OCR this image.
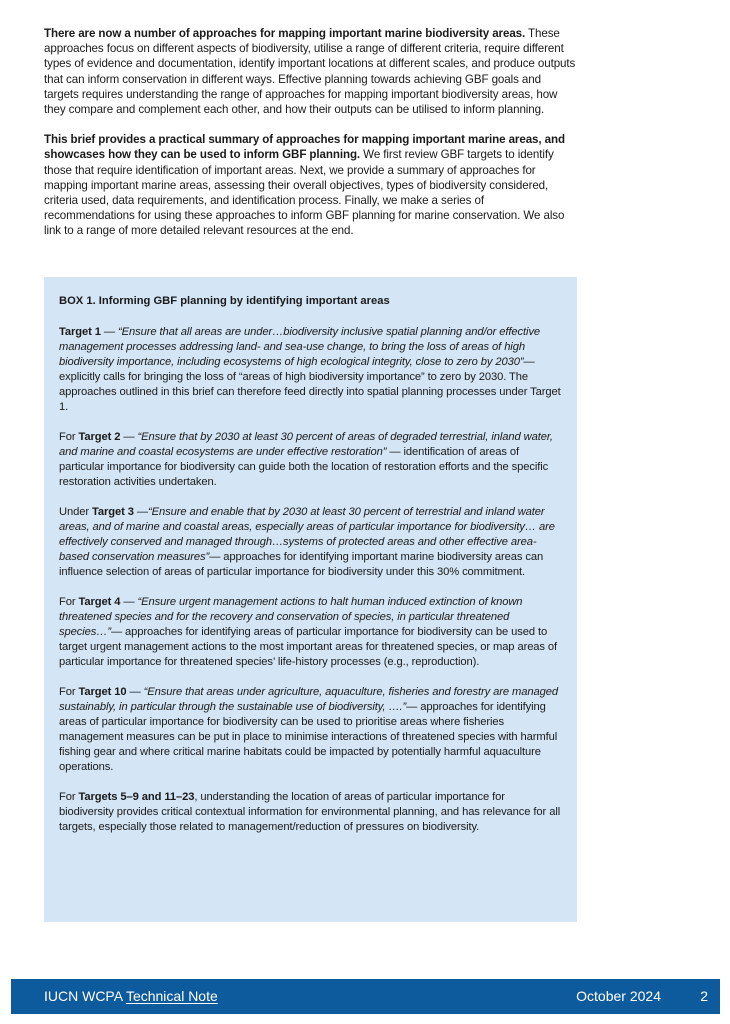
There are now a number of approaches for mapping important marine biodiversity areas. These approaches focus on different aspects of biodiversity, utilise a range of different criteria, require different types of evidence and documentation, identify important locations at different scales, and produce outputs that can inform conservation in different ways. Effective planning towards achieving GBF goals and targets requires understanding the range of approaches for mapping important biodiversity areas, how they compare and complement each other, and how their outputs can be utilised to inform planning.

This brief provides a practical summary of approaches for mapping important marine areas, and showcases how they can be used to inform GBF planning. We first review GBF targets to identify those that require identification of important areas. Next, we provide a summary of approaches for mapping important marine areas, assessing their overall objectives, types of biodiversity considered, criteria used, data requirements, and identification process. Finally, we make a series of recommendations for using these approaches to inform GBF planning for marine conservation. We also link to a range of more detailed relevant resources at the end.

BOX 1. Informing GBF planning by identifying important areas

Target 1 — “Ensure that all areas are under…biodiversity inclusive spatial planning and/or effective management processes addressing land- and sea-use change, to bring the loss of areas of high biodiversity importance, including ecosystems of high ecological integrity, close to zero by 2030”— explicitly calls for bringing the loss of “areas of high biodiversity importance” to zero by 2030. The approaches outlined in this brief can therefore feed directly into spatial planning processes under Target 1.

For Target 2 — “Ensure that by 2030 at least 30 percent of areas of degraded terrestrial, inland water, and marine and coastal ecosystems are under effective restoration” — identification of areas of particular importance for biodiversity can guide both the location of restoration efforts and the specific restoration activities undertaken.

Under Target 3 —“Ensure and enable that by 2030 at least 30 percent of terrestrial and inland water areas, and of marine and coastal areas, especially areas of particular importance for biodiversity… are effectively conserved and managed through…systems of protected areas and other effective area-based conservation measures”— approaches for identifying important marine biodiversity areas can influence selection of areas of particular importance for biodiversity under this 30% commitment.

For Target 4 — “Ensure urgent management actions to halt human induced extinction of known threatened species and for the recovery and conservation of species, in particular threatened species…”— approaches for identifying areas of particular importance for biodiversity can be used to target urgent management actions to the most important areas for threatened species, or map areas of particular importance for threatened species’ life-history processes (e.g., reproduction).

For Target 10 — “Ensure that areas under agriculture, aquaculture, fisheries and forestry are managed sustainably, in particular through the sustainable use of biodiversity, ….”— approaches for identifying areas of particular importance for biodiversity can be used to prioritise areas where fisheries management measures can be put in place to minimise interactions of threatened species with harmful fishing gear and where critical marine habitats could be impacted by potentially harmful aquaculture operations.

For Targets 5–9 and 11–23, understanding the location of areas of particular importance for biodiversity provides critical contextual information for environmental planning, and has relevance for all targets, especially those related to management/reduction of pressures on biodiversity.

IUCN WCPA Technical Note	October 2024	2
